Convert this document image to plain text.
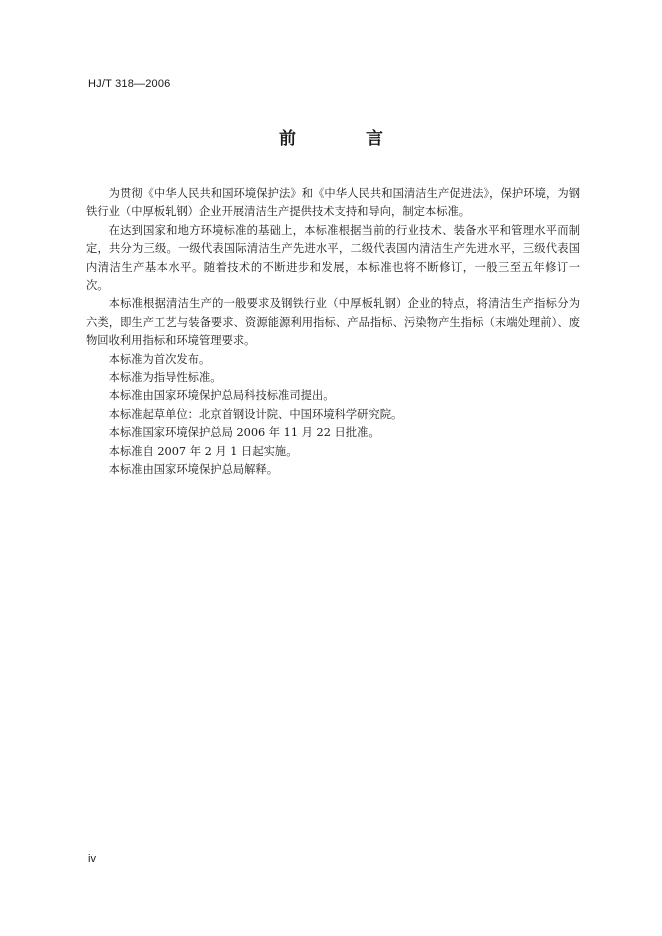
HJ/T 318—2006
前 言

为贯彻《中华人民共和国环境保护法》和《中华人民共和国清洁生产促进法》，保护环境，为钢铁行业（中厚板轧钢）企业开展清洁生产提供技术支持和导向，制定本标准。

在达到国家和地方环境标准的基础上，本标准根据当前的行业技术、装备水平和管理水平而制定，共分为三级。一级代表国际清洁生产先进水平，二级代表国内清洁生产先进水平，三级代表国内清洁生产基本水平。随着技术的不断进步和发展，本标准也将不断修订，一般三至五年修订一次。

本标准根据清洁生产的一般要求及钢铁行业（中厚板轧钢）企业的特点，将清洁生产指标分为六类，即生产工艺与装备要求、资源能源利用指标、产品指标、污染物产生指标（末端处理前）、废物回收利用指标和环境管理要求。

本标准为首次发布。

本标准为指导性标准。

本标准由国家环境保护总局科技标准司提出。

本标准起草单位：北京首钢设计院、中国环境科学研究院。

本标准国家环境保护总局 2006 年 11 月 22 日批准。

本标准自 2007 年 2 月 1 日起实施。

本标准由国家环境保护总局解释。

iv
